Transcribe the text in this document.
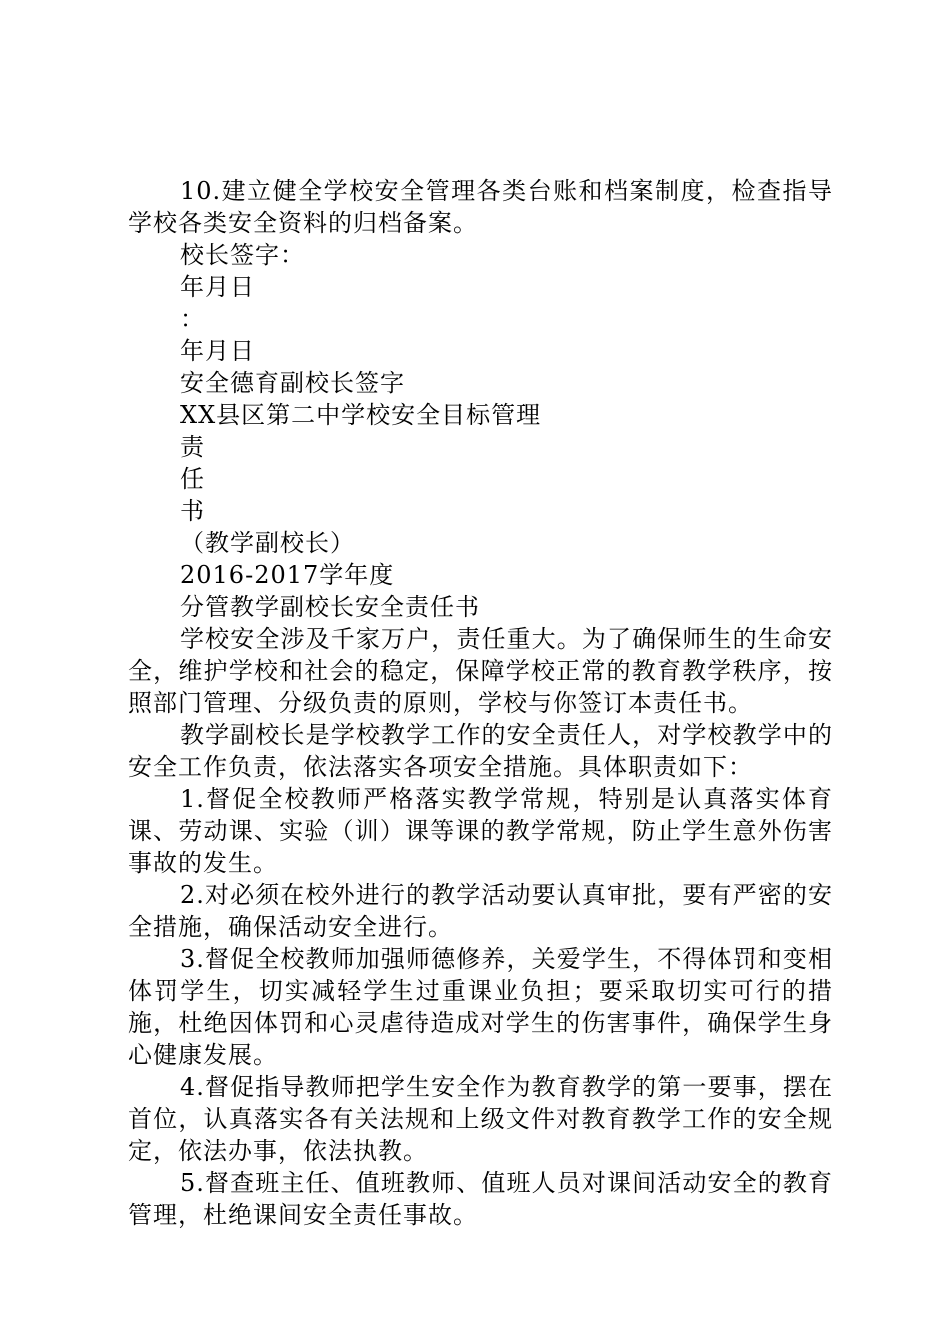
10.建立健全学校安全管理各类台账和档案制度，检查指导学校各类安全资料的归档备案。

校长签字：

年月日

：

年月日

安全德育副校长签字

XX县区第二中学校安全目标管理

责

任

书

（教学副校长）

2016-2017学年度

分管教学副校长安全责任书

学校安全涉及千家万户，责任重大。为了确保师生的生命安全，维护学校和社会的稳定，保障学校正常的教育教学秩序，按照部门管理、分级负责的原则，学校与你签订本责任书。

教学副校长是学校教学工作的安全责任人，对学校教学中的安全工作负责，依法落实各项安全措施。具体职责如下：

1.督促全校教师严格落实教学常规，特别是认真落实体育课、劳动课、实验（训）课等课的教学常规，防止学生意外伤害事故的发生。

2.对必须在校外进行的教学活动要认真审批，要有严密的安全措施，确保活动安全进行。

3.督促全校教师加强师德修养，关爱学生，不得体罚和变相体罚学生，切实减轻学生过重课业负担；要采取切实可行的措施，杜绝因体罚和心灵虐待造成对学生的伤害事件，确保学生身心健康发展。

4.督促指导教师把学生安全作为教育教学的第一要事，摆在首位，认真落实各有关法规和上级文件对教育教学工作的安全规定，依法办事，依法执教。

5.督查班主任、值班教师、值班人员对课间活动安全的教育管理，杜绝课间安全责任事故。
